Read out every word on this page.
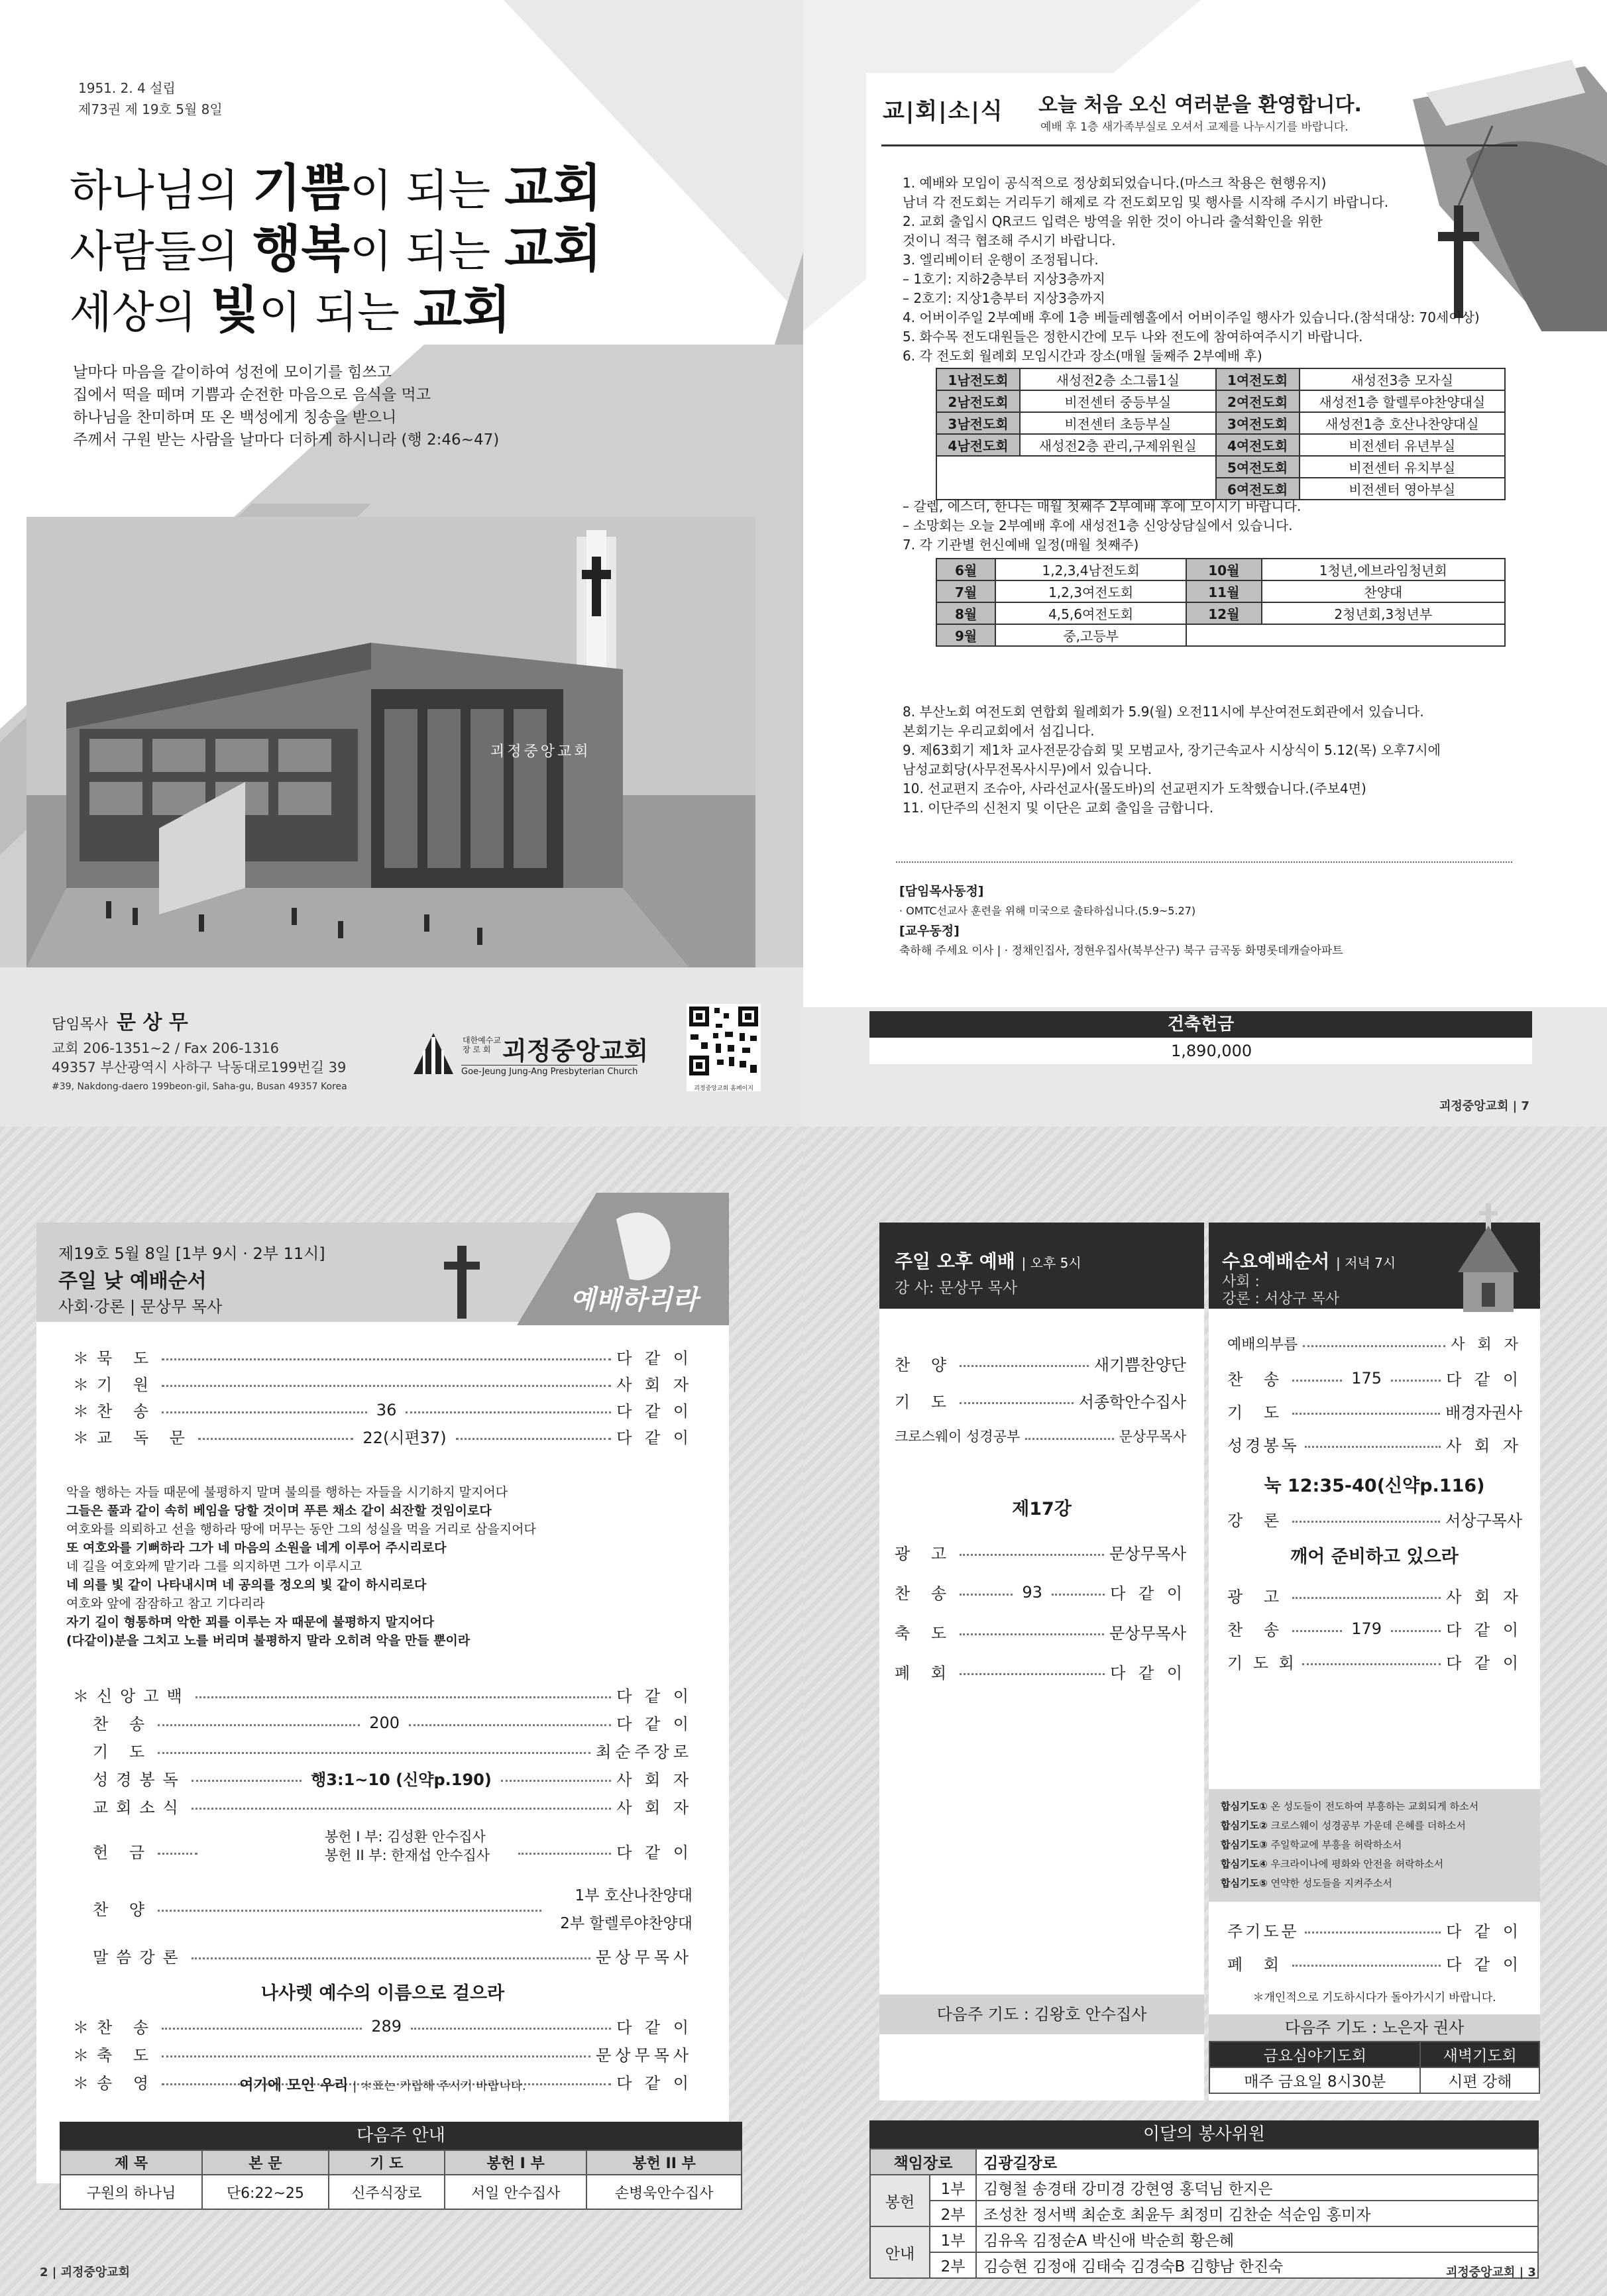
괴정중앙교회
1951. 2. 4 설립
제73권 제 19호 5월 8일
하나님의 기쁨이 되는 교회
사람들의 행복이 되는 교회
세상의 빛이 되는 교회
날마다 마음을 같이하여 성전에 모이기를 힘쓰고
집에서 떡을 떼며 기쁨과 순전한 마음으로 음식을 먹고
하나님을 찬미하며 또 온 백성에게 칭송을 받으니
주께서 구원 받는 사람을 날마다 더하게 하시니라 (행 2:46~47)
담임목사 문 상 무
교회 206-1351~2 / Fax 206-1316
49357 부산광역시 사하구 낙동대로199번길 39
#39, Nakdong-daero 199beon-gil, Saha-gu, Busan 49357 Korea
대한예수교 장 로 회 괴정중앙교회
Goe-Jeung Jung-Ang Presbyterian Church
괴정중앙교회 홈페이지
교|회|소|식 오늘 처음 오신 여러분을 환영합니다.
예배 후 1층 새가족부실로 오셔서 교제를 나누시기를 바랍니다.
1. 예배와 모임이 공식적으로 정상회되었습니다.(마스크 착용은 현행유지)
남녀 각 전도회는 거리두기 해제로 각 전도회모임 및 행사를 시작해 주시기 바랍니다.
2. 교회 출입시 QR코드 입력은 방역을 위한 것이 아니라 출석확인을 위한
것이니 적극 협조해 주시기 바랍니다.
3. 엘리베이터 운행이 조정됩니다.
– 1호기: 지하2층부터 지상3층까지
– 2호기: 지상1층부터 지상3층까지
4. 어버이주일 2부예배 후에 1층 베들레헴홀에서 어버이주일 행사가 있습니다.(참석대상: 70세이상)
5. 화수목 전도대원들은 정한시간에 모두 나와 전도에 참여하여주시기 바랍니다.
6. 각 전도회 월례회 모임시간과 장소(매월 둘째주 2부예배 후)
1남전도회	새성전2층 소그룹1실	1여전도회	새성전3층 모자실
2남전도회	비전센터 중등부실	2여전도회	새성전1층 할렐루야찬양대실
3남전도회	비전센터 초등부실	3여전도회	새성전1층 호산나찬양대실
4남전도회	새성전2층 관리,구제위원실	4여전도회	비전센터 유년부실
		5여전도회	비전센터 유치부실
		6여전도회	비전센터 영아부실
– 갈렙, 에스더, 한나는 매월 첫째주 2부예배 후에 모이시기 바랍니다.
– 소망회는 오늘 2부예배 후에 새성전1층 신앙상담실에서 있습니다.
7. 각 기관별 헌신예배 일정(매월 첫째주)
6월	1,2,3,4남전도회	10월	1청년,에브라임청년회
7월	1,2,3여전도회	11월	찬양대
8월	4,5,6여전도회	12월	2청년회,3청년부
9월	중,고등부		
8. 부산노회 여전도회 연합회 월례회가 5.9(월) 오전11시에 부산여전도회관에서 있습니다.
본회기는 우리교회에서 섬깁니다.
9. 제63회기 제1차 교사전문강습회 및 모범교사, 장기근속교사 시상식이 5.12(목) 오후7시에
남성교회당(사무전목사시무)에서 있습니다.
10. 선교편지 조슈아, 사라선교사(몰도바)의 선교편지가 도착했습니다.(주보4면)
11. 이단주의 신천지 및 이단은 교회 출입을 금합니다.
[담임목사동정]
· OMTC선교사 훈련을 위해 미국으로 출타하십니다.(5.9~5.27)
[교우동정]
축하해 주세요 이사 | · 정채인집사, 정현우집사(북부산구) 북구 금곡동 화명롯데캐슬아파트
건축헌금
1,890,000
괴정중앙교회 | 7
예배하리라
제19호 5월 8일 [1부 9시 · 2부 11시]
주일 낮 예배순서
사회·강론 | 문상무 목사
＊묵 도	다 같 이
＊기 원	사 회 자
＊찬 송	36	다 같 이
＊교 독 문	22(시편37)	다 같 이
악을 행하는 자들 때문에 불평하지 말며 불의를 행하는 자들을 시기하지 말지어다
그들은 풀과 같이 속히 베임을 당할 것이며 푸른 채소 같이 쇠잔할 것임이로다
여호와를 의뢰하고 선을 행하라 땅에 머무는 동안 그의 성실을 먹을 거리로 삼을지어다
또 여호와를 기뻐하라 그가 네 마음의 소원을 네게 이루어 주시리로다
네 길을 여호와께 맡기라 그를 의지하면 그가 이루시고
네 의를 빛 같이 나타내시며 네 공의를 정오의 빛 같이 하시리로다
여호와 앞에 잠잠하고 참고 기다리라
자기 길이 형통하며 악한 꾀를 이루는 자 때문에 불평하지 말지어다
(다같이)분을 그치고 노를 버리며 불평하지 말라 오히려 악을 만들 뿐이라
＊신앙고백	다 같 이
찬 송	200	다 같 이
기 도	최순주장로
성경봉독	행3:1~10 (신약p.190)	사 회 자
교회소식	사 회 자
헌 금	다 같 이
봉헌 I 부: 김성환 안수집사
봉헌 II 부: 한재섭 안수집사
찬 양
1부 호산나찬양대
2부 할렐루야찬양대
말씀강론	문상무목사
나사렛 예수의 이름으로 걸으라
＊찬 송	289	다 같 이
＊축 도	문상무목사
＊송 영	다 같 이
여기에 모인 우리 | ＊표는 기립해 주시기 바랍니다.
다음주 안내
제 목	본 문	기 도	봉헌 I 부	봉헌 II 부
구원의 하나님	단6:22~25	신주식장로	서일 안수집사	손병욱안수집사
2 | 괴정중앙교회
주일 오후 예배 | 오후 5시
강 사: 문상무 목사
찬 양	새기쁨찬양단
기 도	서종학안수집사
크로스웨이 성경공부	문상무목사
제17강
광 고	문상무목사
찬 송	93	다 같 이
축 도	문상무목사
폐 회	다 같 이
다음주 기도 : 김왕호 안수집사
수요예배순서 | 저녁 7시
사회 :
강론 : 서상구 목사
예배의부름	사 회 자
찬 송	175	다 같 이
기 도	배경자권사
성경봉독	사 회 자
눅 12:35-40(신약p.116)
강 론	서상구목사
깨어 준비하고 있으라
광 고	사 회 자
찬 송	179	다 같 이
기 도 회	다 같 이
합심기도① 온 성도들이 전도하여 부흥하는 교회되게 하소서
합심기도② 크로스웨이 성경공부 가운데 은혜를 더하소서
합심기도③ 주일학교에 부흥을 허락하소서
합심기도④ 우크라이나에 평화와 안전을 허락하소서
합심기도⑤ 연약한 성도들을 지켜주소서
주기도문	다 같 이
폐 회	다 같 이
＊개인적으로 기도하시다가 돌아가시기 바랍니다.
다음주 기도 : 노은자 권사
금요심야기도회	새벽기도회
매주 금요일 8시30분	시편 강해
이달의 봉사위원
책임장로		김광길장로
봉헌	1부	김형철 송경태 강미경 강현영 홍덕님 한지은
	2부	조성찬 정서백 최순호 최윤두 최정미 김찬순 석순임 홍미자
안내	1부	김유옥 김정순A 박신애 박순희 황은혜
	2부	김승현 김정애 김태숙 김경숙B 김향남 한진숙	괴정중앙교회 | 3
